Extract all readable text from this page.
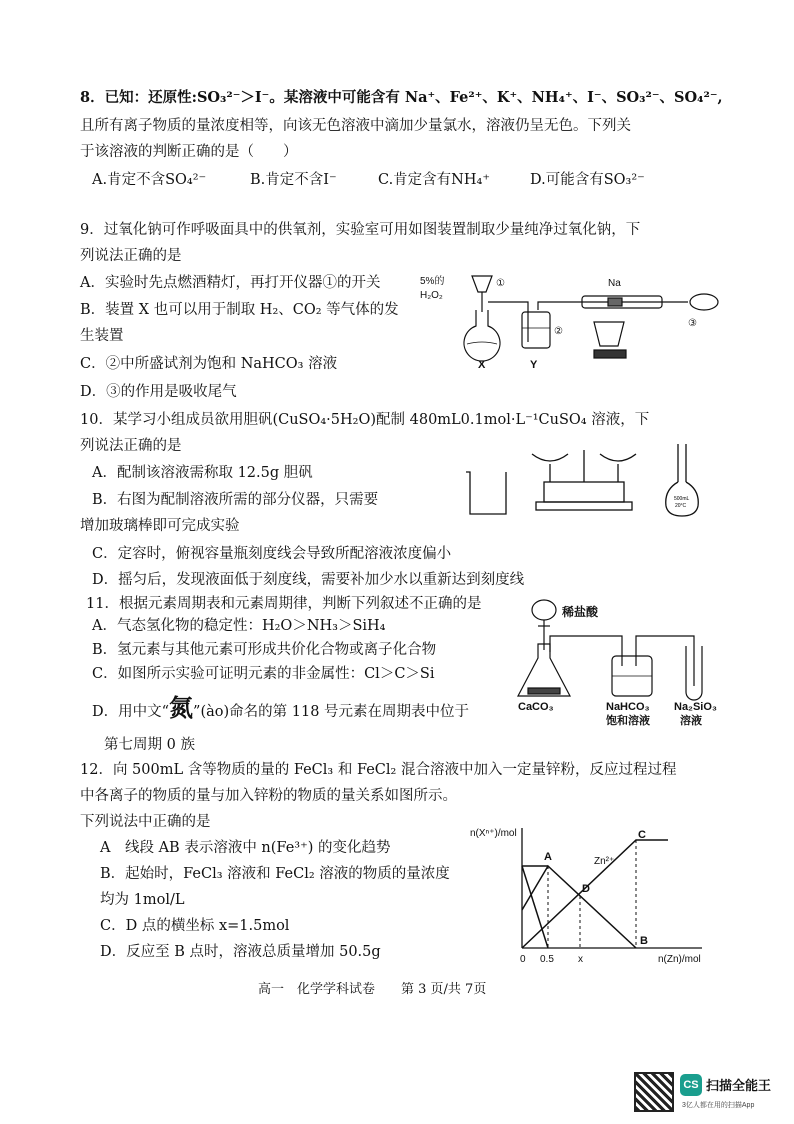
8．已知：还原性:SO₃²⁻＞I⁻。某溶液中可能含有 Na⁺、Fe²⁺、K⁺、NH₄⁺、I⁻、SO₃²⁻、SO₄²⁻,
且所有离子物质的量浓度相等，向该无色溶液中滴加少量氯水，溶液仍呈无色。下列关
于该溶液的判断正确的是（　　）
A.肯定不含SO₄²⁻	B.肯定不含I⁻	C.肯定含有NH₄⁺	D.可能含有SO₃²⁻
9．过氧化钠可作呼吸面具中的供氧剂，实验室可用如图装置制取少量纯净过氧化钠，下
列说法正确的是
A．实验时先点燃酒精灯，再打开仪器①的开关
B．装置 X 也可以用于制取 H₂、CO₂ 等气体的发
生装置
C．②中所盛试剂为饱和 NaHCO₃ 溶液
D．③的作用是吸收尾气
5%的
H₂O₂
①
②
Na
③
X	Y
10．某学习小组成员欲用胆矾(CuSO₄·5H₂O)配制 480mL0.1mol·L⁻¹CuSO₄ 溶液，下
列说法正确的是
A．配制该溶液需称取 12.5g 胆矾
B．右图为配制溶液所需的部分仪器，只需要
增加玻璃棒即可完成实验
C．定容时，俯视容量瓶刻度线会导致所配溶液浓度偏小
D．摇匀后，发现液面低于刻度线，需要补加少水以重新达到刻度线
500mL
20°C
11．根据元素周期表和元素周期律，判断下列叙述不正确的是
A．气态氢化物的稳定性：H₂O＞NH₃＞SiH₄
B．氢元素与其他元素可形成共价化合物或离子化合物
C．如图所示实验可证明元素的非金属性：Cl＞C＞Si
D．用中文“氮”(ào)命名的第 118 号元素在周期表中位于
第七周期 0 族
稀盐酸
CaCO₃	NaHCO₃
饱和溶液
Na₂SiO₃
溶液
12．向 500mL 含等物质的量的 FeCl₃ 和 FeCl₂ 混合溶液中加入一定量锌粉，反应过程过程
中各离子的物质的量与加入锌粉的物质的量关系如图所示。
下列说法中正确的是
A　线段 AB 表示溶液中 n(Fe³⁺) 的变化趋势
B．起始时，FeCl₃ 溶液和 FeCl₂ 溶液的物质的量浓度
均为 1mol/L
C．D 点的横坐标 x=1.5mol
D．反应至 B 点时，溶液总质量增加 50.5g
n(Xⁿ⁺)/mol
A
B
C
D
Zn²⁺
0 0.5 x	n(Zn)/mol
高一　化学学科试卷　　第 3 页/共 7页
CS 扫描全能王
3亿人都在用的扫描App
